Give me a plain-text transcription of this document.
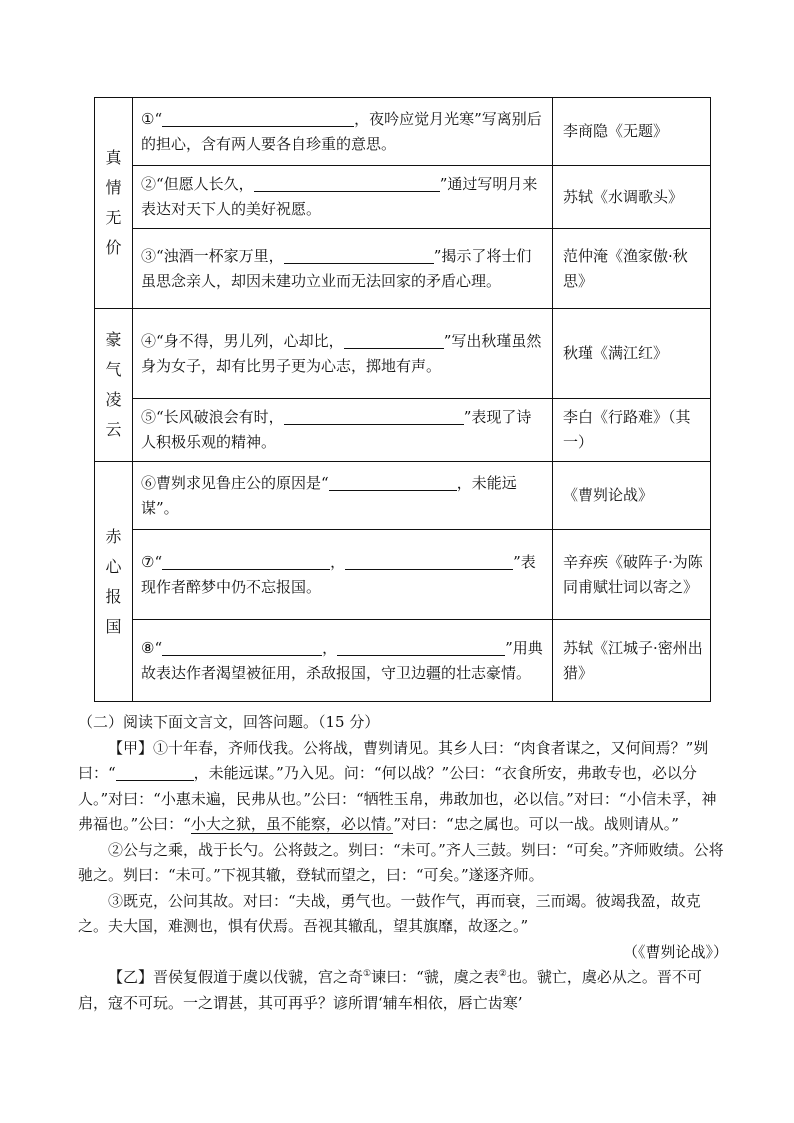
真
情
无
价	①“ ，夜吟应觉月光寒”写离别后的担心，含有两人要各自珍重的意思。	李商隐《无题》
	②“但愿人长久， ”通过写明月来表达对天下人的美好祝愿。	苏轼《水调歌头》
	③“浊酒一杯家万里， ”揭示了将士们虽思念亲人，却因未建功立业而无法回家的矛盾心理。	范仲淹《渔家傲·秋思》

豪
气
凌
云	④“身不得，男儿列，心却比， ”写出秋瑾虽然身为女子，却有比男子更为心志，掷地有声。	秋瑾《满江红》
	⑤“长风破浪会有时， ”表现了诗人积极乐观的精神。	李白《行路难》（其一）

赤
心
报
国	⑥曹刿求见鲁庄公的原因是“ ，未能远谋”。	《曹刿论战》
	⑦“ ， ”表现作者醉梦中仍不忘报国。	辛弃疾《破阵子·为陈同甫赋壮词以寄之》
	⑧“ ， ”用典故表达作者渴望被征用，杀敌报国，守卫边疆的壮志豪情。	苏轼《江城子·密州出猎》

（二）阅读下面文言文，回答问题。（15 分）

【甲】①十年春，齐师伐我。公将战，曹刿请见。其乡人曰：“肉食者谋之，又何间焉？”刿曰：“	，未能远谋。”乃入见。问：“何以战？”公曰：“衣食所安，弗敢专也，必以分人。”对曰：“小惠未遍，民弗从也。”公曰：“牺牲玉帛，弗敢加也，必以信。”对曰：“小信未孚，神弗福也。”公曰：“小大之狱，虽不能察，必以情。”对曰：“忠之属也。可以一战。战则请从。”

②公与之乘，战于长勺。公将鼓之。刿曰：“未可。”齐人三鼓。刿曰：“可矣。”齐师败绩。公将驰之。刿曰：“未可。”下视其辙，登轼而望之，曰：“可矣。”遂逐齐师。

③既克，公问其故。对曰：“夫战，勇气也。一鼓作气，再而衰，三而竭。彼竭我盈，故克之。夫大国，难测也，惧有伏焉。吾视其辙乱，望其旗靡，故逐之。”

（《曹刿论战》）

【乙】晋侯复假道于虞以伐虢，宫之奇①谏曰：“虢，虞之表②也。虢亡，虞必从之。晋不可启，寇不可玩。一之谓甚，其可再乎？谚所谓‘辅车相依，唇亡齿寒’
